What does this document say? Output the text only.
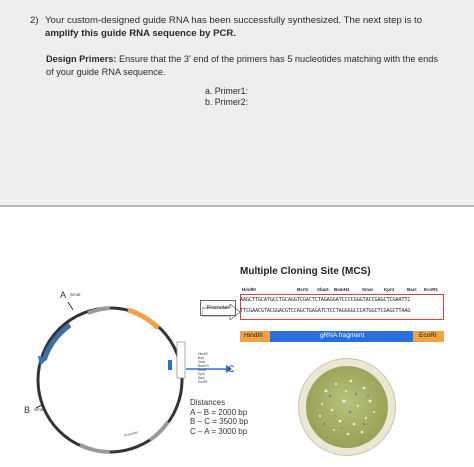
2) Your custom-designed guide RNA has been successfully synthesized. The next step is to
amplify this guide RNA sequence by PCR.
Design Primers: Ensure that the 3' end of the primers has 5 nucleotides matching with the ends
of your guide RNA sequence.
a. Primer1:
b. Primer2:
A SmaI
B SmaI
C
HindIII
BsrI
XbaI
BamHI
SmaI
KpnI
SacI
EcoRI
Promoter
Promoter
Multiple Cloning Site (MCS)
HindIII	BsrI1 XbaI1 BamH1	SmaI KpnI	BacI EcoR1
AAGCTTGCATGCCTGCAGGTCGACTCTAGAGGATCCCCGGGTACCGAGCTCGAATTC
TTCGAACGTACGGACGTCCAGCTGAGATCTCCTAGGGGCCCATGGCTCGAGCTTAAG
HindIII	gRNA fragment	EcoRI
Distances
A – B = 2000 bp
B – C = 3500 bp
C – A = 3000 bp
